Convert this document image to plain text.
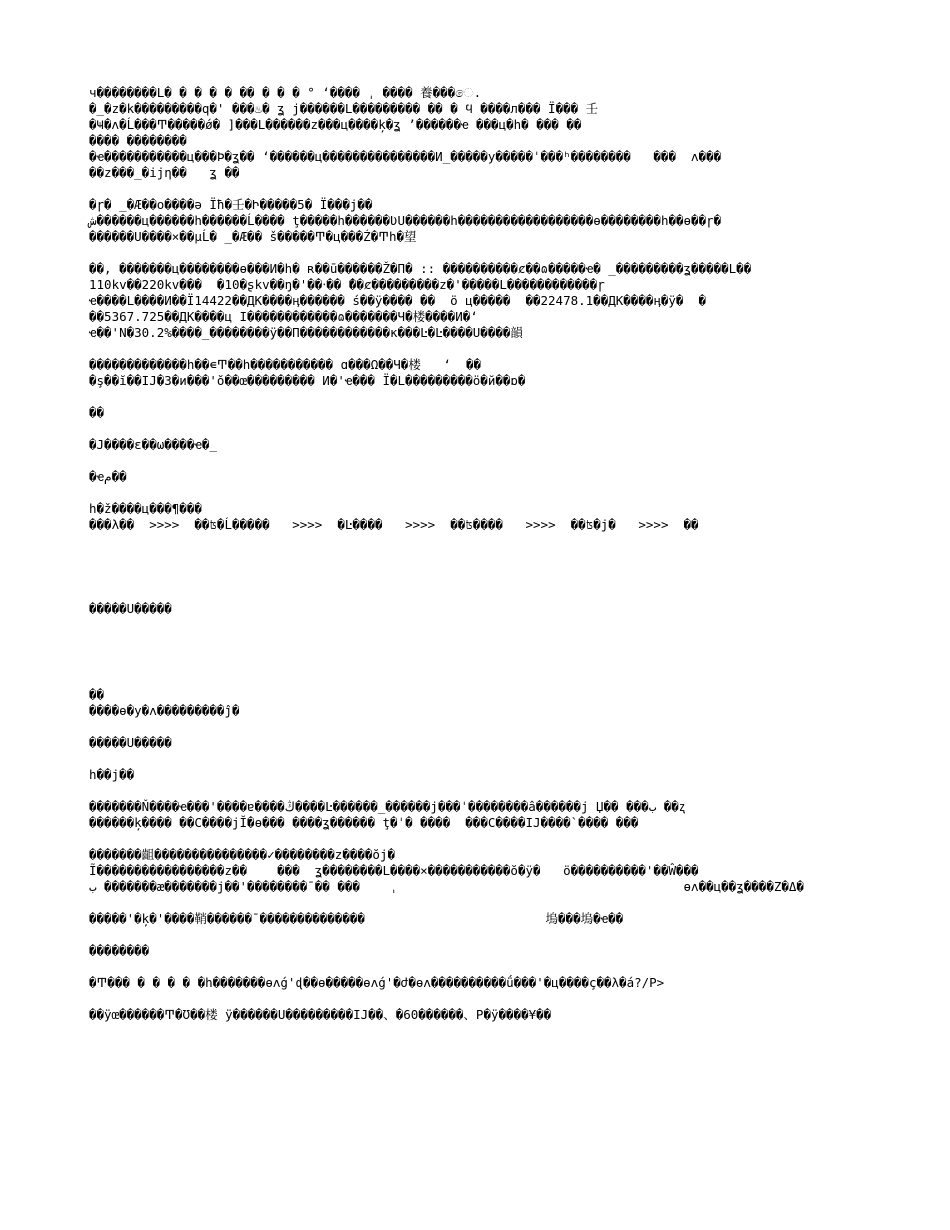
ч��������L� � � � � �� � � � ° ‘���� ˌ ���� 養���ෙ.
�_�z�k���������q�' ���♨� ʓ j������L��������� �� � ϥ ����л��� Ї��� 壬
�Ҹ�ʌ�Ĺ���Ͳ�����ǿ� ]���L������z���ц����ķ�ʓ ’������ҽ ���ц�h� ��� ��
���� ��������
�ҽ�����������ц���Ϸ�ʓ�� ‘������ц���������������И_�����у�����ˈ���ʰ��������   ���  ʌ���
��z���_�ijη��   ʓ ��
�ɼ� _�Æ��օ����ǝ Їħ�壬�Ի�����5� Ї���j��
ش������ц������h������Ĺ���� ţ�����h������ƲU������h������������������ɵ��������h��ɵ��ɼ�
������U����×��μĹ� _�Æ�� š�����Ͳ�ц���Ź�Ͳh�望
��, �������ц��������ө���И�h� ʀ��ū������Ž�П� :: ����������ȼ��ɷ�����ҽ� _���������ʓ�����L��
110kv��220kv���  �10�ʂkv��ŋ�'��‧�� ̄��ȼ���������z�'�����L������������ɼ
ҽ����L����И��Ї14422��ДК����ӊ������ ś��ÿ���� ��  ö ц�����  ��22478.1��ДК����ӊ�ÿ�  �
��5367.725��ДК����ц Ӏ������������ɷ�������Ч�楼����И�‘
ҽ��'N�30.2%����_��������ÿ��П������������к���Ŀ�Ŀ����U����韻
�������������h��∊Ͳ��h����������� ɑ���Ω��Ч�楼   ‘  ��
�ş��ĭ��IJ�З�и���'ŏ��œ��������� И�'ҽ��� Ї�L���������ö�й��ɒ�
��
�J����ԑ��ω����ҽ�_
�ҽم��
h�ž����ц���¶���
���λ��  >>>>  ��ʦ�Ĺ�����   >>>>  �Ŀ����   >>>>  ��ʦ����   >>>>  ��ʦ�j�   >>>>  ��
�����U�����
��
����ɵ�у�ʌ���������ĵ�
�����U�����
h��j��
�������Ň����ҽ���'����ɐ����ڭ����Ŀ������_������j���ˈ��������â������j Џ�� ���ب ��ʐ
������ķ���� ��C����jĬ�ө��� ����ʓ������ ţ�ˈ� ����  ���C����IJ����`���� ���
�������齟���������������✓��������z����ŏj�
Ĩ�����������������z��    ���  ʓ��������L����×�����������ŏ�ÿ�   ö����������'��Ŵ���
ب �������æ�������j��'��������¯�� ���    ˌ                                      ɵʌ��ц��ʓ����Z�Δ�
�����'�ķ�'����鞘������¯��������������                        塢���塢�ҽ��
��������
�Ͳ��� � � � � �h�������ɵʌǵ'ɖ��ɵ�����ɵʌǵ'�ժ�ɵʌ����������ǘ���'�ц����ç��λ�á?/P>
��ÿœ������Ͳ�Ʊ��楼 ÿ������U���������IJ��、�60������、P�ÿ����¥��
